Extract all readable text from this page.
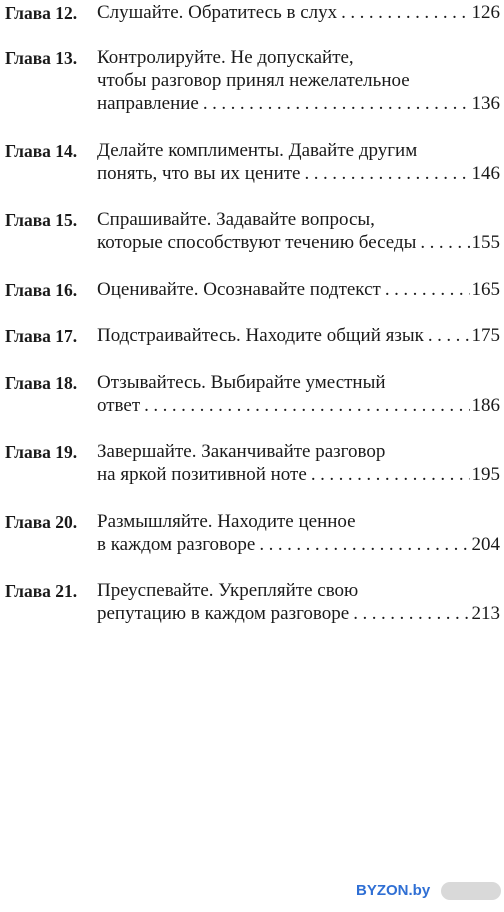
Глава 12. Слушайте. Обратитесь в слух .....	126
Глава 13. Контролируйте. Не допускайте,
чтобы разговор принял нежелательное
направление .....	136
Глава 14. Делайте комплименты. Давайте другим
понять, что вы их цените .....	146
Глава 15. Спрашивайте. Задавайте вопросы,
которые способствуют течению беседы .....	155
Глава 16. Оценивайте. Осознавайте подтекст .....	165
Глава 17. Подстраивайтесь. Находите общий язык .....	175
Глава 18. Отзывайтесь. Выбирайте уместный
ответ .....	186
Глава 19. Завершайте. Заканчивайте разговор
на яркой позитивной ноте .....	195
Глава 20. Размышляйте. Находите ценное
в каждом разговоре .....	204
Глава 21. Преуспевайте. Укрепляйте свою
репутацию в каждом разговоре .....	213
BYZON.by
